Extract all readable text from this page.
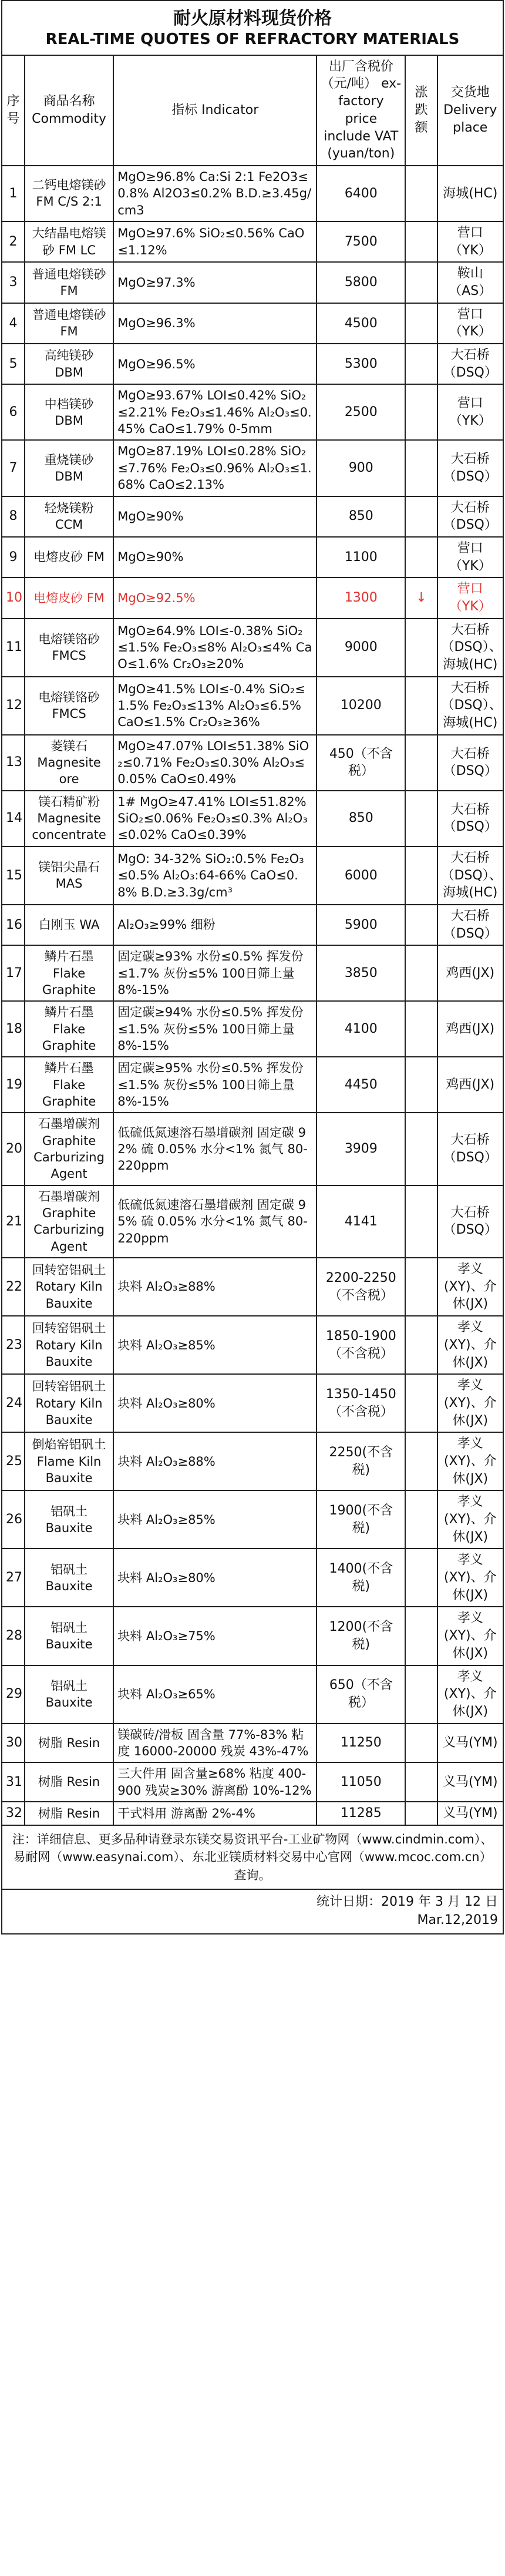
耐火原材料现货价格
REAL-TIME QUOTES OF REFRACTORY MATERIALS
序号	商品名称 Commodity	指标 Indicator	出厂含税价（元/吨） ex-factory price include VAT (yuan/ton)	涨跌额	交货地 Delivery place
1	二钙电熔镁砂 FM C/S 2:1	MgO≥96.8% Ca:Si 2:1 Fe2O3≤0.8% Al2O3≤0.2% B.D.≥3.45g/cm3	6400		海城(HC)
2	大结晶电熔镁砂 FM LC	MgO≥97.6% SiO₂≤0.56% CaO≤1.12%	7500		营口（YK）
3	普通电熔镁砂 FM	MgO≥97.3%	5800		鞍山（AS）
4	普通电熔镁砂 FM	MgO≥96.3%	4500		营口（YK）
5	高纯镁砂 DBM	MgO≥96.5%	5300		大石桥（DSQ）
6	中档镁砂 DBM	MgO≥93.67% LOI≤0.42% SiO₂≤2.21% Fe₂O₃≤1.46% Al₂O₃≤0.45% CaO≤1.79% 0-5mm	2500		营口（YK）
7	重烧镁砂 DBM	MgO≥87.19% LOI≤0.28% SiO₂≤7.76% Fe₂O₃≤0.96% Al₂O₃≤1.68% CaO≤2.13%	900		大石桥（DSQ）
8	轻烧镁粉 CCM	MgO≥90%	850		大石桥（DSQ）
9	电熔皮砂 FM	MgO≥90%	1100		营口（YK）
10	电熔皮砂 FM	MgO≥92.5%	1300	↓	营口（YK）
11	电熔镁铬砂 FMCS	MgO≥64.9% LOI≤-0.38% SiO₂≤1.5% Fe₂O₃≤8% Al₂O₃≤4% CaO≤1.6% Cr₂O₃≥20%	9000		大石桥（DSQ）、海城(HC)
12	电熔镁铬砂 FMCS	MgO≥41.5% LOI≤-0.4% SiO₂≤1.5% Fe₂O₃≤13% Al₂O₃≤6.5% CaO≤1.5% Cr₂O₃≥36%	10200		大石桥（DSQ）、海城(HC)
13	菱镁石 Magnesite ore	MgO≥47.07% LOI≤51.38% SiO₂≤0.71% Fe₂O₃≤0.30% Al₂O₃≤0.05% CaO≤0.49%	450（不含税）		大石桥（DSQ）
14	镁石精矿粉 Magnesite concentrate	1# MgO≥47.41% LOI≤51.82% SiO₂≤0.06% Fe₂O₃≤0.3% Al₂O₃≤0.02% CaO≤0.39%	850		大石桥（DSQ）
15	镁铝尖晶石 MAS	MgO: 34-32% SiO₂:0.5% Fe₂O₃≤0.5% Al₂O₃:64-66% CaO≤0.8% B.D.≥3.3g/cm³	6000		大石桥（DSQ）、海城(HC)
16	白刚玉 WA	Al₂O₃≥99% 细粉	5900		大石桥（DSQ）
17	鳞片石墨 Flake Graphite	固定碳≥93% 水份≤0.5% 挥发份≤1.7% 灰份≤5% 100日筛上量 8%-15%	3850		鸡西(JX)
18	鳞片石墨 Flake Graphite	固定碳≥94% 水份≤0.5% 挥发份≤1.5% 灰份≤5% 100日筛上量 8%-15%	4100		鸡西(JX)
19	鳞片石墨 Flake Graphite	固定碳≥95% 水份≤0.5% 挥发份≤1.5% 灰份≤5% 100日筛上量 8%-15%	4450		鸡西(JX)
20	石墨增碳剂 Graphite Carburizing Agent	低硫低氮速溶石墨增碳剂 固定碳 92% 硫 0.05% 水分<1% 氮气 80-220ppm	3909		大石桥（DSQ）
21	石墨增碳剂 Graphite Carburizing Agent	低硫低氮速溶石墨增碳剂 固定碳 95% 硫 0.05% 水分<1% 氮气 80-220ppm	4141		大石桥（DSQ）
22	回转窑铝矾土 Rotary Kiln Bauxite	块料 Al₂O₃≥88%	2200-2250（不含税）		孝义(XY)、介休(JX)
23	回转窑铝矾土 Rotary Kiln Bauxite	块料 Al₂O₃≥85%	1850-1900（不含税）		孝义(XY)、介休(JX)
24	回转窑铝矾土 Rotary Kiln Bauxite	块料 Al₂O₃≥80%	1350-1450（不含税）		孝义(XY)、介休(JX)
25	倒焰窑铝矾土 Flame Kiln Bauxite	块料 Al₂O₃≥88%	2250(不含税)		孝义(XY)、介休(JX)
26	铝矾土 Bauxite	块料 Al₂O₃≥85%	1900(不含税)		孝义(XY)、介休(JX)
27	铝矾土 Bauxite	块料 Al₂O₃≥80%	1400(不含税)		孝义(XY)、介休(JX)
28	铝矾土 Bauxite	块料 Al₂O₃≥75%	1200(不含税)		孝义(XY)、介休(JX)
29	铝矾土 Bauxite	块料 Al₂O₃≥65%	650（不含税）		孝义(XY)、介休(JX)
30	树脂 Resin	镁碳砖/滑板 固含量 77%-83% 粘度 16000-20000 残炭 43%-47%	11250		义马(YM)
31	树脂 Resin	三大件用 固含量≥68% 粘度 400-900 残炭≥30% 游离酚 10%-12%	11050		义马(YM)
32	树脂 Resin	干式料用 游离酚 2%-4%	11285		义马(YM)
注：详细信息、更多品种请登录东镁交易资讯平台-工业矿物网（www.cindmin.com）、易耐网（www.easynai.com）、东北亚镁质材料交易中心官网（www.mcoc.com.cn）查询。					

统计日期：2019 年 3 月 12 日
Mar.12,2019					
